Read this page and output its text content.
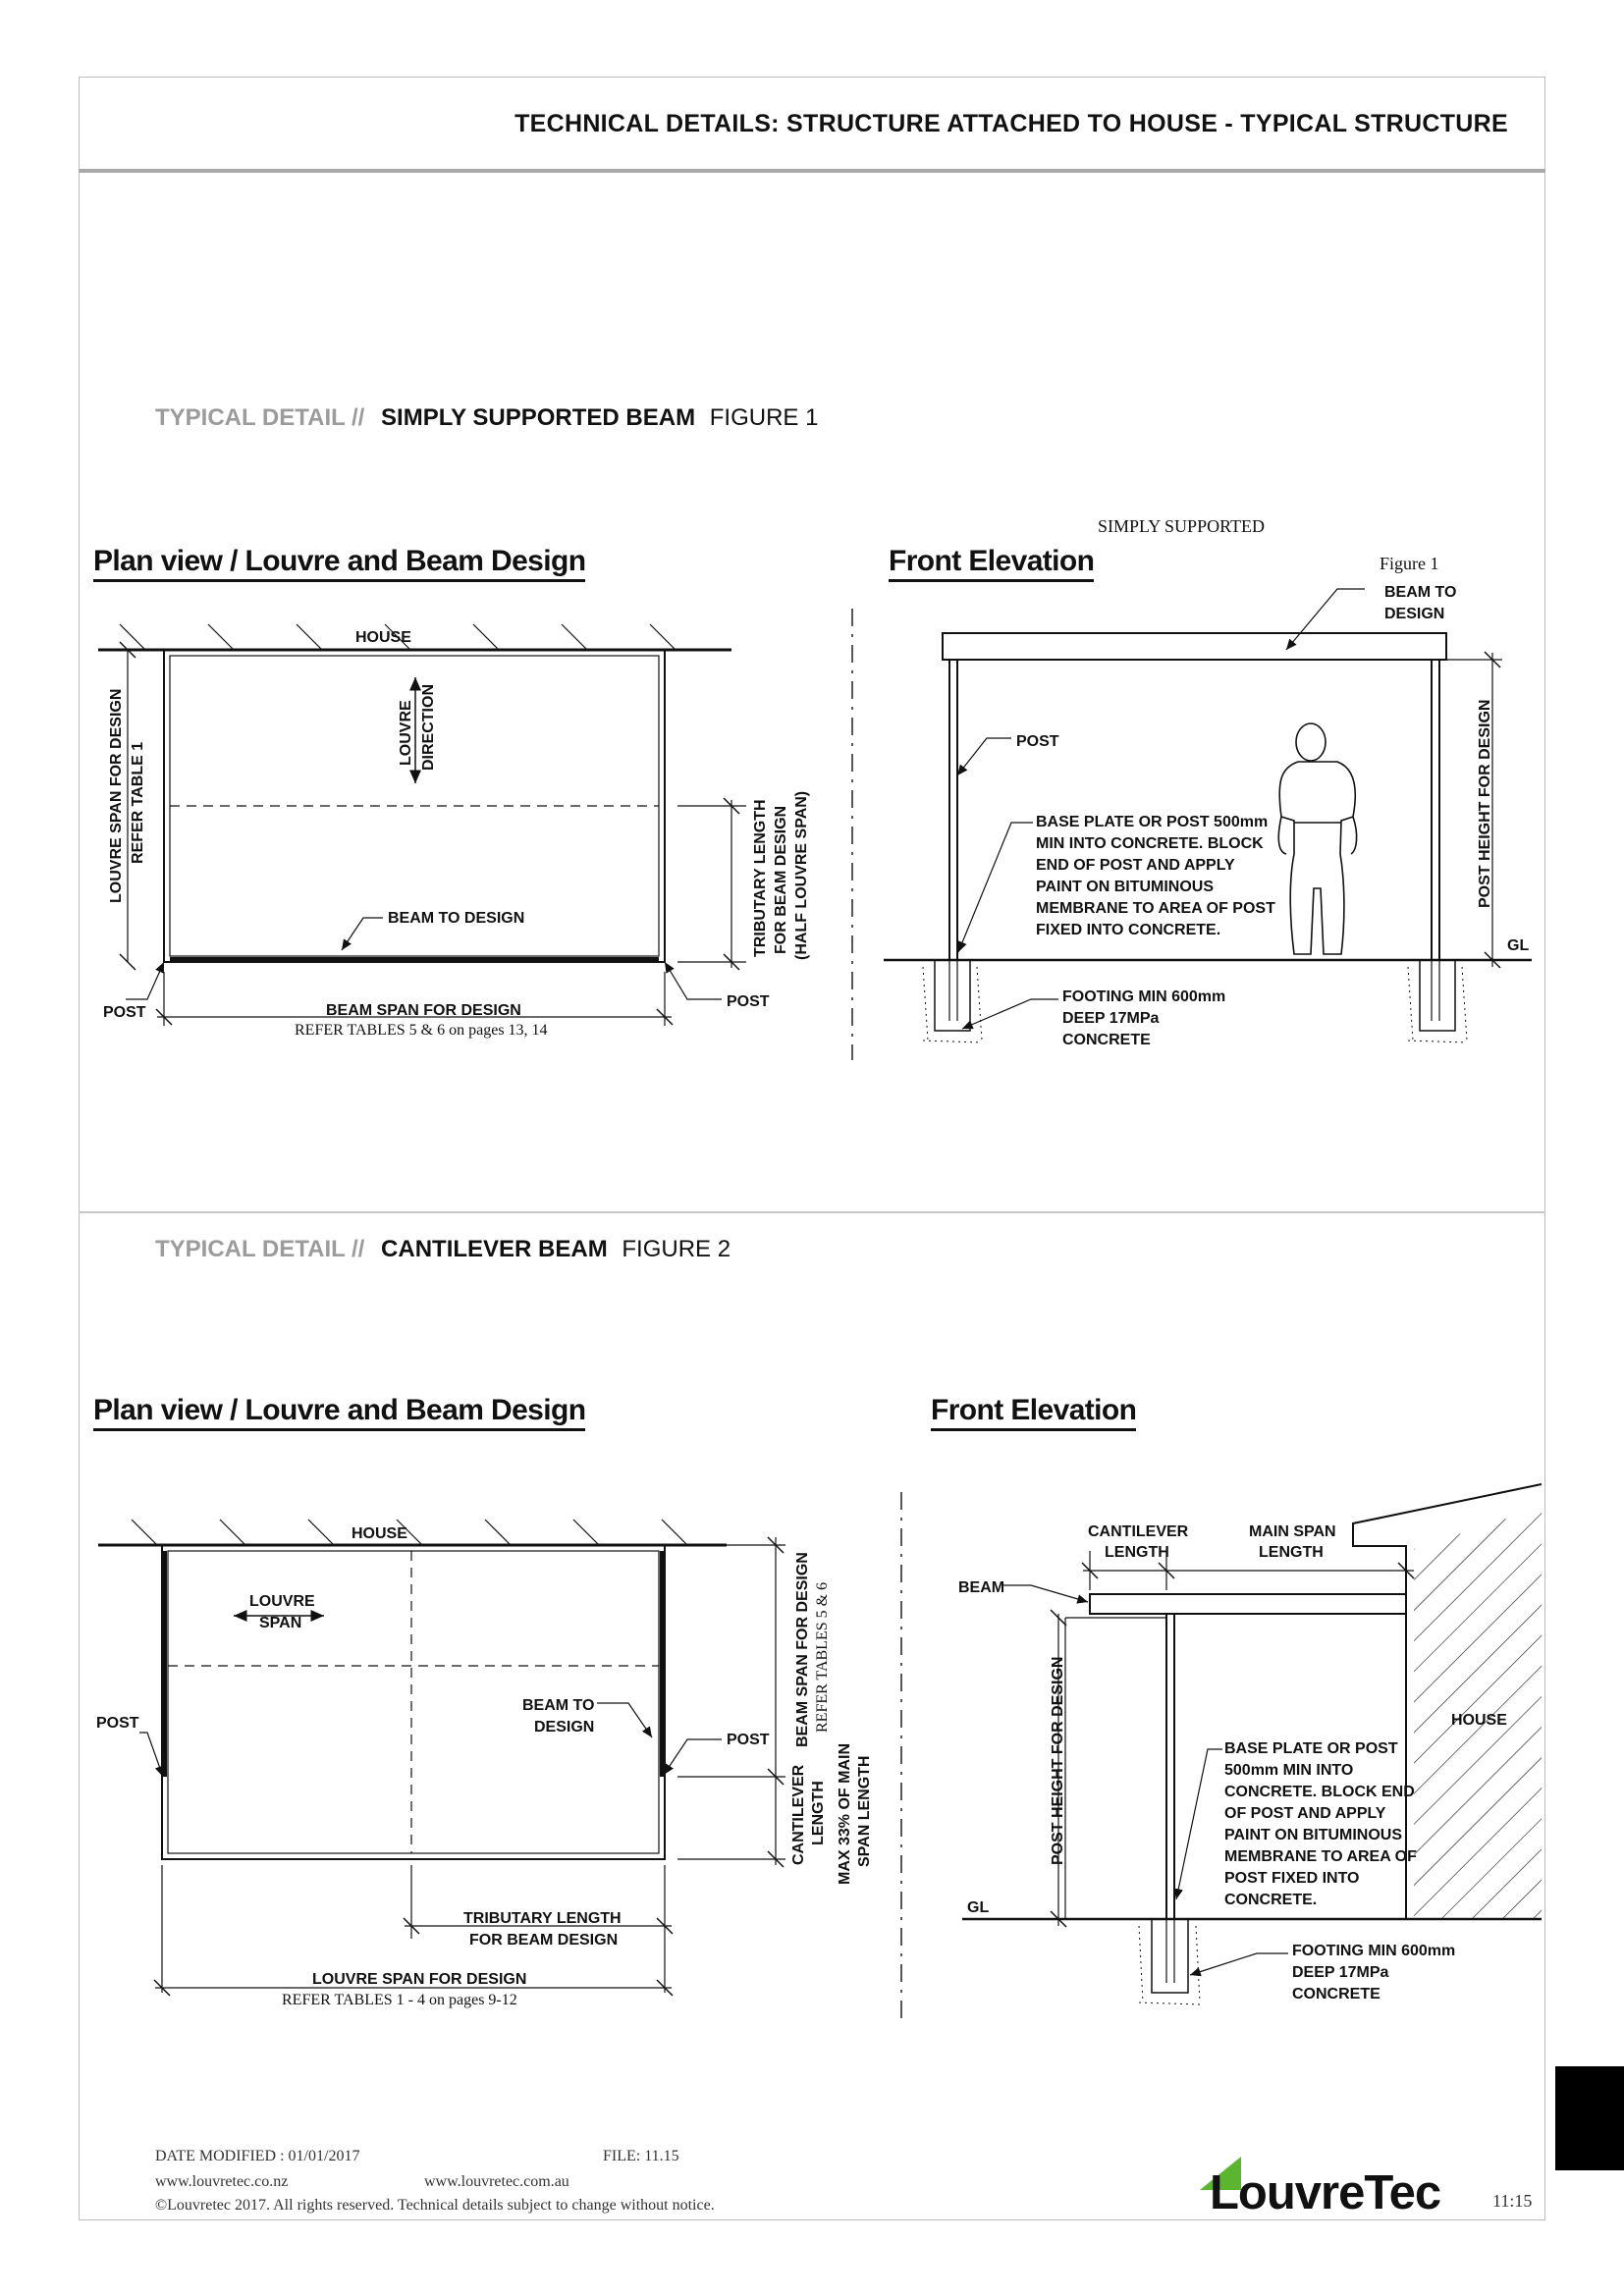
TECHNICAL DETAILS: STRUCTURE ATTACHED TO HOUSE - TYPICAL STRUCTURE
TYPICAL DETAIL // SIMPLY SUPPORTED BEAM FIGURE 1
Plan view / Louvre and Beam Design	Front Elevation
HOUSE
LOUVRE DIRECTION
LOUVRE SPAN FOR DESIGN REFER TABLE 1	TRIBUTARY LENGTH FOR BEAM DESIGN (HALF LOUVRE SPAN)
BEAM TO DESIGN
POST
POST
BEAM SPAN FOR DESIGN
REFER TABLES 5 & 6 on pages 13, 14
SIMPLY SUPPORTED
Figure 1
BEAM TO
DESIGN
POST
BASE PLATE OR POST 500mm
MIN INTO CONCRETE. BLOCK
END OF POST AND APPLY
PAINT ON BITUMINOUS
MEMBRANE TO AREA OF POST
FIXED INTO CONCRETE.
POST HEIGHT FOR DESIGN
GL
FOOTING MIN 600mm
DEEP 17MPa
CONCRETE
TYPICAL DETAIL // CANTILEVER BEAM FIGURE 2
Plan view / Louvre and Beam Design	Front Elevation
HOUSE
LOUVRE
SPAN
POST
POST
BEAM TO
DESIGN	BEAM SPAN FOR DESIGN REFER TABLES 5 & 6
CANTILEVER LENGTH MAX 33% OF MAIN SPAN LENGTH
TRIBUTARY LENGTH
FOR BEAM DESIGN
LOUVRE SPAN FOR DESIGN
REFER TABLES 1 - 4 on pages 9-12
CANTILEVER
LENGTH
MAIN SPAN
LENGTH
BEAM
HOUSE
POST HEIGHT FOR DESIGN	BASE PLATE OR POST
500mm MIN INTO
CONCRETE. BLOCK END
OF POST AND APPLY
PAINT ON BITUMINOUS
MEMBRANE TO AREA OF
POST FIXED INTO
CONCRETE.
GL
FOOTING MIN 600mm
DEEP 17MPa
CONCRETE
DATE MODIFIED : 01/01/2017	FILE: 11.15
www.louvretec.co.nz	www.louvretec.com.au
©Louvretec 2017. All rights reserved. Technical details subject to change without notice.	LouvreTec	11:15
